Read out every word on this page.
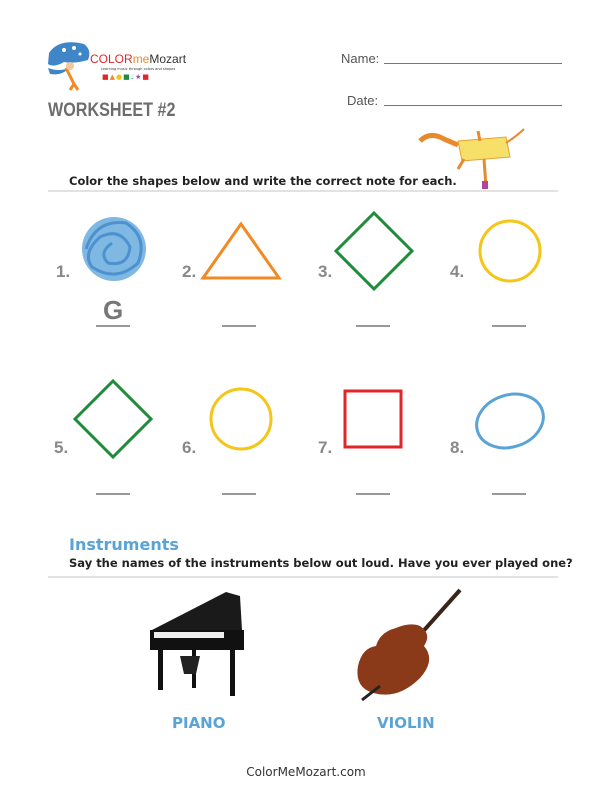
COLORmeMozart
Learning music through colors and shapes
■▲●■♩★■
WORKSHEET #2
Name:
Date:
Color the shapes below and write the correct note for each.
1.
G
2.	3.	4.
5.	6.	7.	8.
Instruments
Say the names of the instruments below out loud. Have you ever played one?
PIANO	VIOLIN
ColorMeMozart.com
